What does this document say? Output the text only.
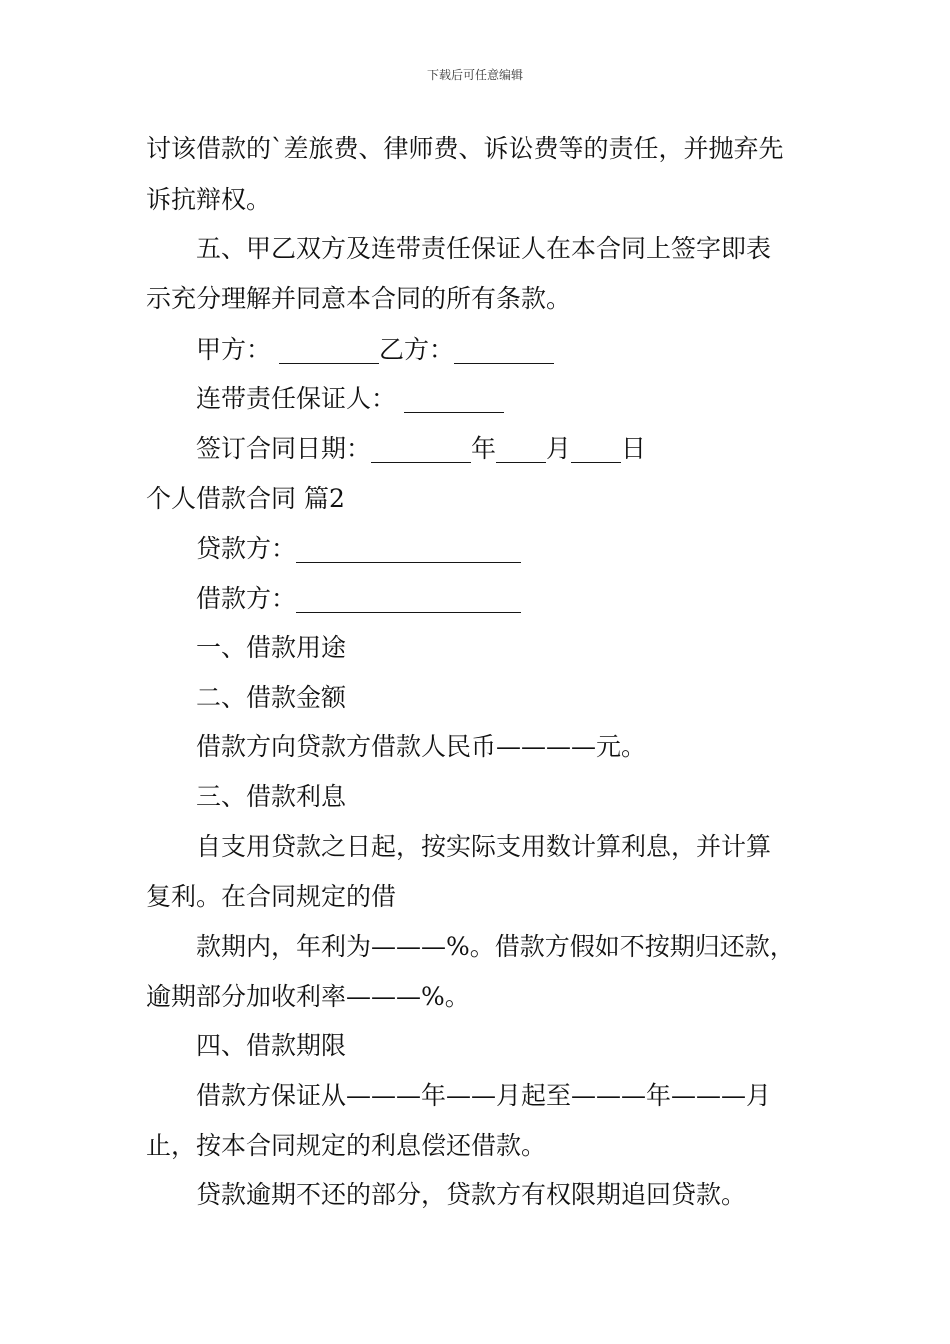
下载后可任意编辑
讨该借款的`差旅费、律师费、诉讼费等的责任，并抛弃先
诉抗辩权。
五、甲乙双方及连带责任保证人在本合同上签字即表
示充分理解并同意本合同的所有条款。
甲方： ________乙方：________
连带责任保证人： ________
签订合同日期：________年____月____日
个人借款合同 篇2
贷款方：__________________
借款方：__________________
一、借款用途
二、借款金额
借款方向贷款方借款人民币————元。
三、借款利息
自支用贷款之日起，按实际支用数计算利息，并计算
复利。在合同规定的借
款期内，年利为———%。借款方假如不按期归还款，
逾期部分加收利率———%。
四、借款期限
借款方保证从———年——月起至———年———月
止，按本合同规定的利息偿还借款。
贷款逾期不还的部分，贷款方有权限期追回贷款。
